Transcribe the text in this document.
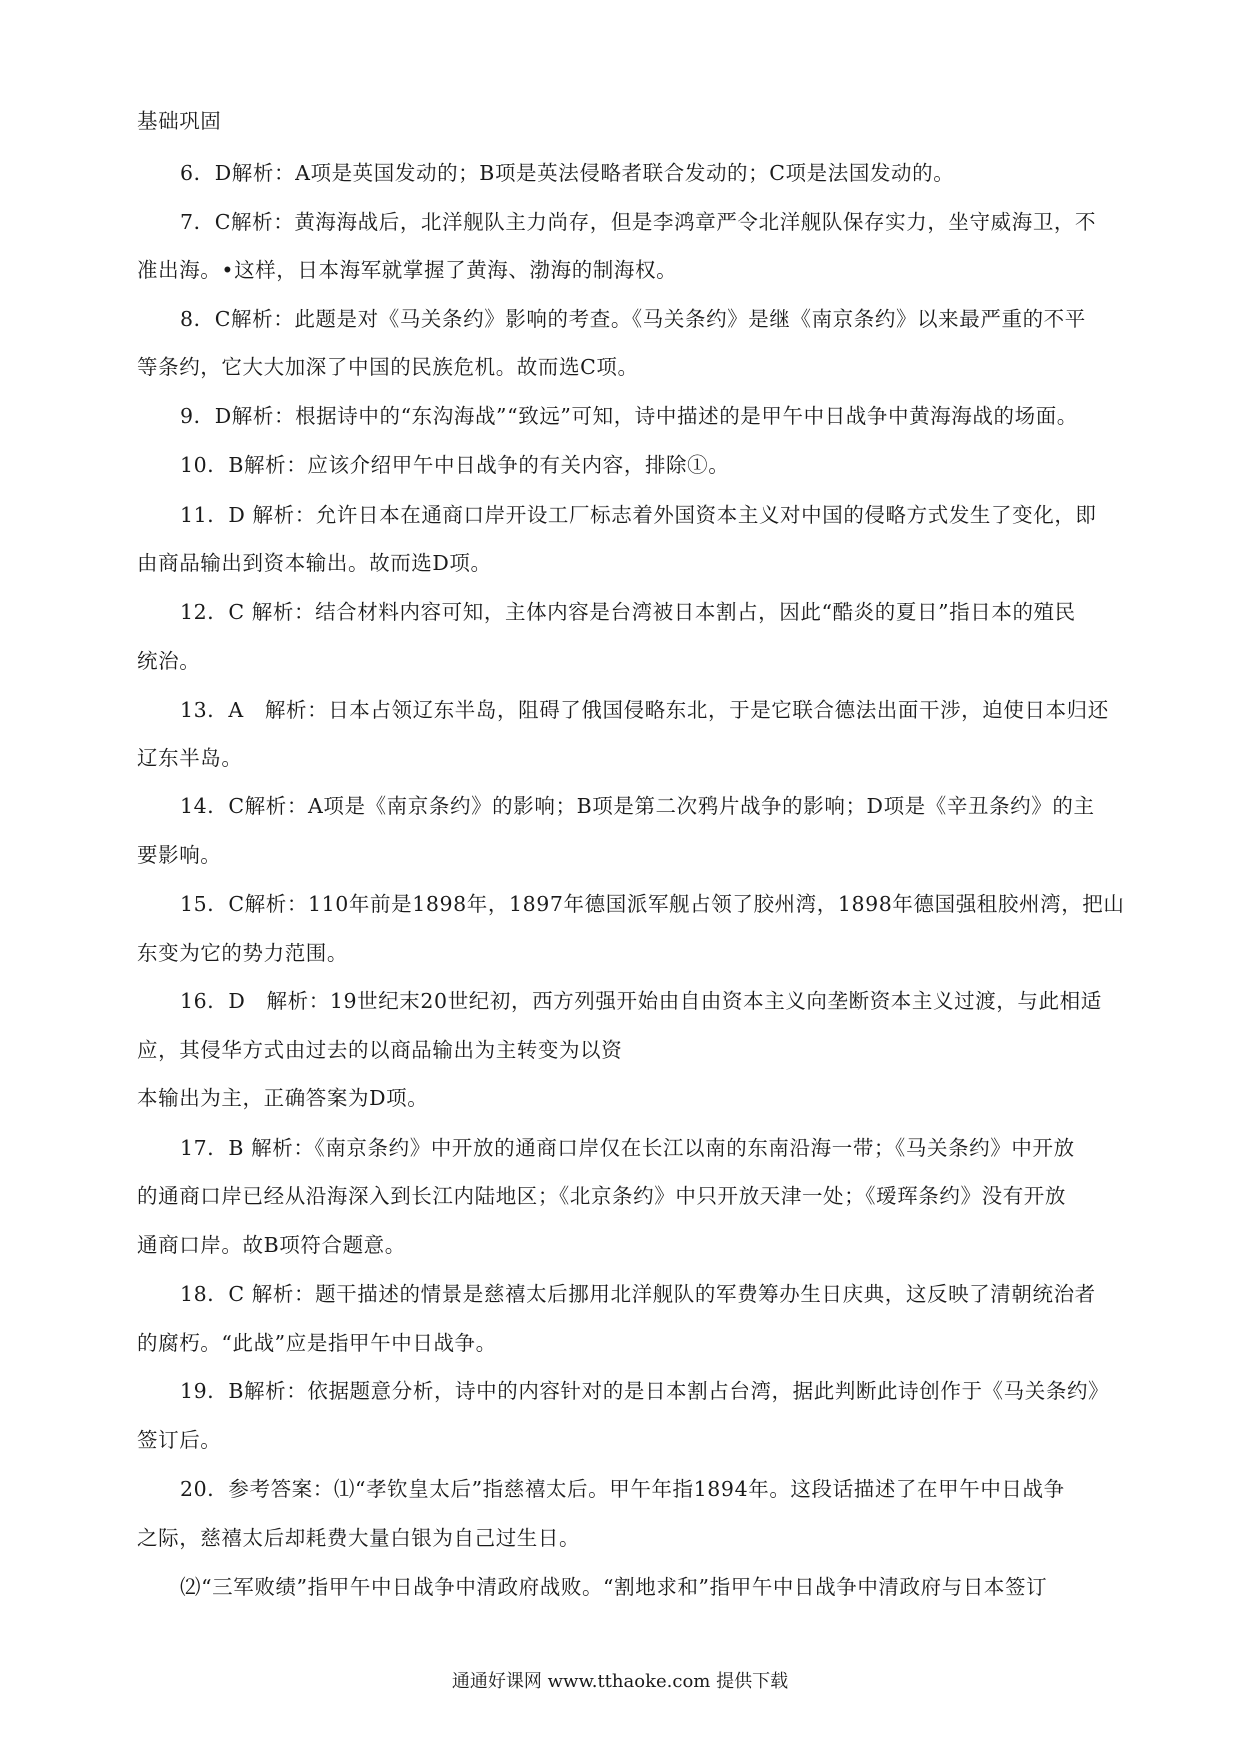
基础巩固
6．D解析：A项是英国发动的；B项是英法侵略者联合发动的；C项是法国发动的。
7．C解析：黄海海战后，北洋舰队主力尚存，但是李鸿章严令北洋舰队保存实力，坐守威海卫，不
准出海。•这样，日本海军就掌握了黄海、渤海的制海权。
8．C解析：此题是对《马关条约》影响的考查。《马关条约》是继《南京条约》以来最严重的不平
等条约，它大大加深了中国的民族危机。故而选C项。
9．D解析：根据诗中的“东沟海战”“致远”可知，诗中描述的是甲午中日战争中黄海海战的场面。
10．B解析：应该介绍甲午中日战争的有关内容，排除①。
11．D 解析：允许日本在通商口岸开设工厂标志着外国资本主义对中国的侵略方式发生了变化，即
由商品输出到资本输出。故而选D项。
12．C 解析：结合材料内容可知，主体内容是台湾被日本割占，因此“酷炎的夏日”指日本的殖民
统治。
13．A　解析：日本占领辽东半岛，阻碍了俄国侵略东北，于是它联合德法出面干涉，迫使日本归还
辽东半岛。
14．C解析：A项是《南京条约》的影响；B项是第二次鸦片战争的影响；D项是《辛丑条约》的主
要影响。
15．C解析：110年前是1898年，1897年德国派军舰占领了胶州湾，1898年德国强租胶州湾，把山
东变为它的势力范围。
16．D　解析：19世纪末20世纪初，西方列强开始由自由资本主义向垄断资本主义过渡，与此相适
应，其侵华方式由过去的以商品输出为主转变为以资
本输出为主，正确答案为D项。
17．B 解析：《南京条约》中开放的通商口岸仅在长江以南的东南沿海一带；《马关条约》中开放
的通商口岸已经从沿海深入到长江内陆地区；《北京条约》中只开放天津一处；《瑷珲条约》没有开放
通商口岸。故B项符合题意。
18．C 解析：题干描述的情景是慈禧太后挪用北洋舰队的军费筹办生日庆典，这反映了清朝统治者
的腐朽。“此战”应是指甲午中日战争。
19．B解析：依据题意分析，诗中的内容针对的是日本割占台湾，据此判断此诗创作于《马关条约》
签订后。
20．参考答案：⑴“孝钦皇太后”指慈禧太后。甲午年指1894年。这段话描述了在甲午中日战争
之际，慈禧太后却耗费大量白银为自己过生日。
⑵“三军败绩”指甲午中日战争中清政府战败。“割地求和”指甲午中日战争中清政府与日本签订
通通好课网 www.tthaoke.com 提供下载
